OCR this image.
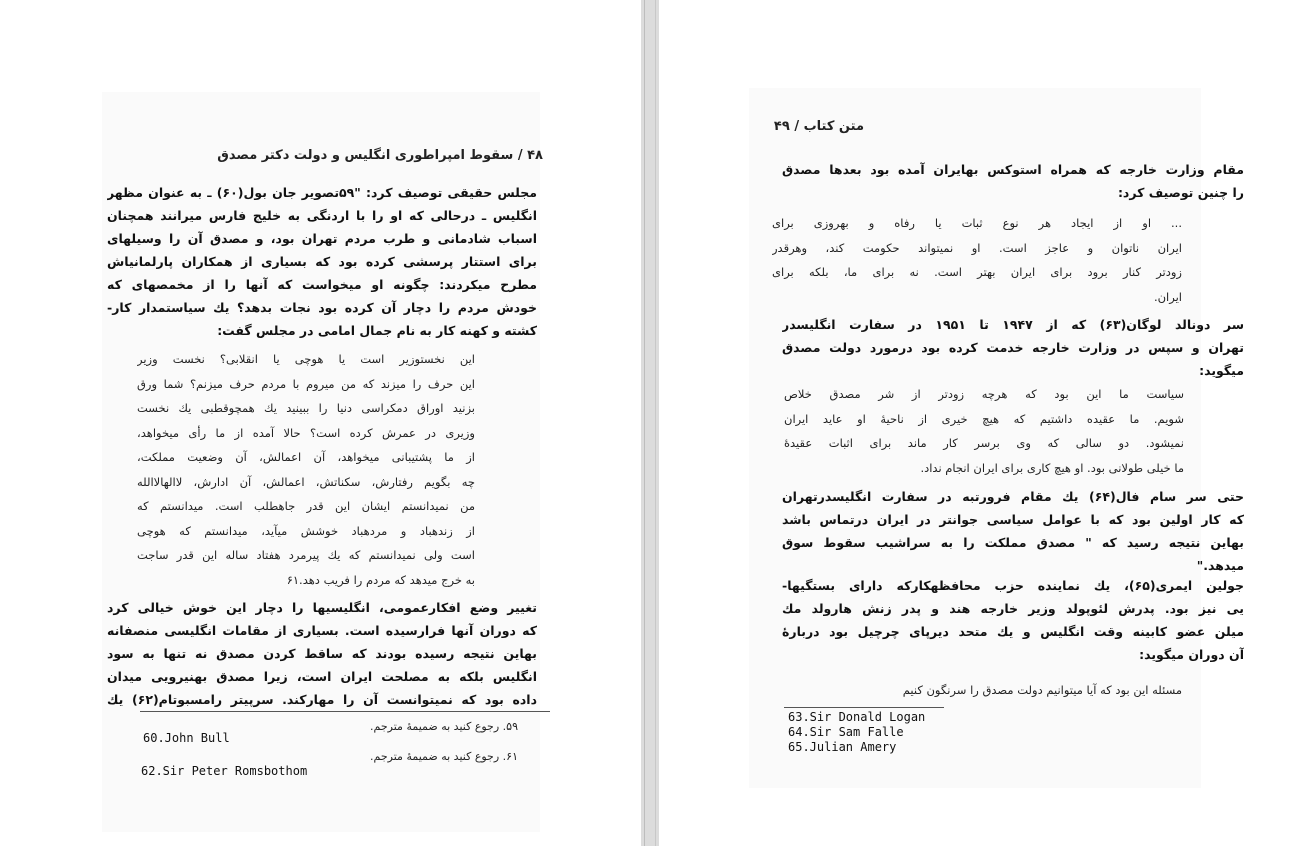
۴۸ / سقوط امپراطوری انگلیس و دولت دکتر مصدق
مجلس حقیقی توصیف کرد: "۵۹تصویر جان بول(۶۰) ـ به عنوان مظهر
انگلیس ـ درحالی که او را با اردنگی به خلیج فارس میرانند همچنان
اسباب شادمانی و طرب مردم تهران بود، و مصدق آن را وسیلهای
برای استتار پرسشی کرده بود که بسیاری از همکاران پارلمانیاش
مطرح میکردند: چگونه او میخواست که آنها را از مخمصهای که
خودش مردم را دچار آن کرده بود نجات بدهد؟ یك سیاستمدار کار-
کشته و کهنه کار به نام جمال امامی در مجلس گفت:
این نخستوزیر است یا هوچی یا انقلابی؟ نخست وزیر
این حرف را میزند که من میروم با مردم حرف میزنم؟ شما ورق
بزنید اوراق دمکراسی دنیا را ببینید یك همچوقطبی یك نخست
وزیری در عمرش کرده است؟ حالا آمده از ما رأی میخواهد،
از ما پشتیبانی میخواهد، آن اعمالش، آن وضعیت مملکت،
چه بگویم رفتارش، سکناتش، اعمالش، آن ادارش، لاالهالاالله
من نمیدانستم ایشان این قدر جاهطلب است. میدانستم که
از زندهباد و مردهباد خوشش میآید، میدانستم که هوچی
است ولی نمیدانستم که یك پیرمرد هفتاد ساله این قدر ساجت
به خرج میدهد که مردم را فریب دهد.۶۱
تغییر وضع افکارعمومی، انگلیسیها را دچار این خوش خیالی کرد
که دوران آنها فرارسیده است. بسیاری از مقامات انگلیسی منصفانه
بهاین نتیجه رسیده بودند که ساقط کردن مصدق نه تنها به سود
انگلیس بلکه به مصلحت ایران است، زیرا مصدق بهنیرویی میدان
داده بود که نمیتوانست آن را مهارکند. سرپیتر رامسبوتام(۶۲) یك
۵۹. رجوع کنید به ضمیمهٔ مترجم.
۶۱. رجوع کنید به ضمیمهٔ مترجم.
60.John Bull
62.Sir Peter Romsbothom
متن کتاب / ۴۹
مقام وزارت خارجه که همراه استوکس بهایران آمده بود بعدها مصدق
را چنین توصیف کرد:
... او از ایجاد هر نوع ثبات یا رفاه و بهروزی برای
ایران ناتوان و عاجز است. او نمیتواند حکومت کند، وهرقدر
زودتر کنار برود برای ایران بهتر است. نه برای ما، بلکه برای
ایران.
سر دونالد لوگان(۶۳) که از ۱۹۴۷ تا ۱۹۵۱ در سفارت انگلیسدر
تهران و سپس در وزارت خارجه خدمت کرده بود درمورد دولت مصدق
میگوید:
سیاست ما این بود که هرچه زودتر از شر مصدق خلاص
شویم. ما عقیده داشتیم که هیچ خیری از ناحیهٔ او عاید ایران
نمیشود. دو سالی که وی برسر کار ماند برای اثبات عقیدهٔ
ما خیلی طولانی بود. او هیچ کاری برای ایران انجام نداد.
حتی سر سام فال(۶۴) یك مقام فرورتبه در سفارت انگلیسدرتهران
که کار اولین بود که با عوامل سیاسی جوانتر در ایران درتماس باشد
بهاین نتیجه رسید که " مصدق مملکت را به سراشیب سقوط سوق
میدهد."
جولین ایمری(۶۵)، یك نماینده حزب محافظهکارکه دارای بستگیها-
یی نیز بود. پدرش لئوپولد وزیر خارجه هند و پدر زنش هارولد مك
میلن عضو کابینه وقت انگلیس و یك متحد دیرپای چرچیل بود دربارهٔ
آن دوران میگوید:
مسئله این بود که آیا میتوانیم دولت مصدق را سرنگون کنیم
63.Sir Donald Logan
64.Sir Sam Falle
65.Julian Amery
